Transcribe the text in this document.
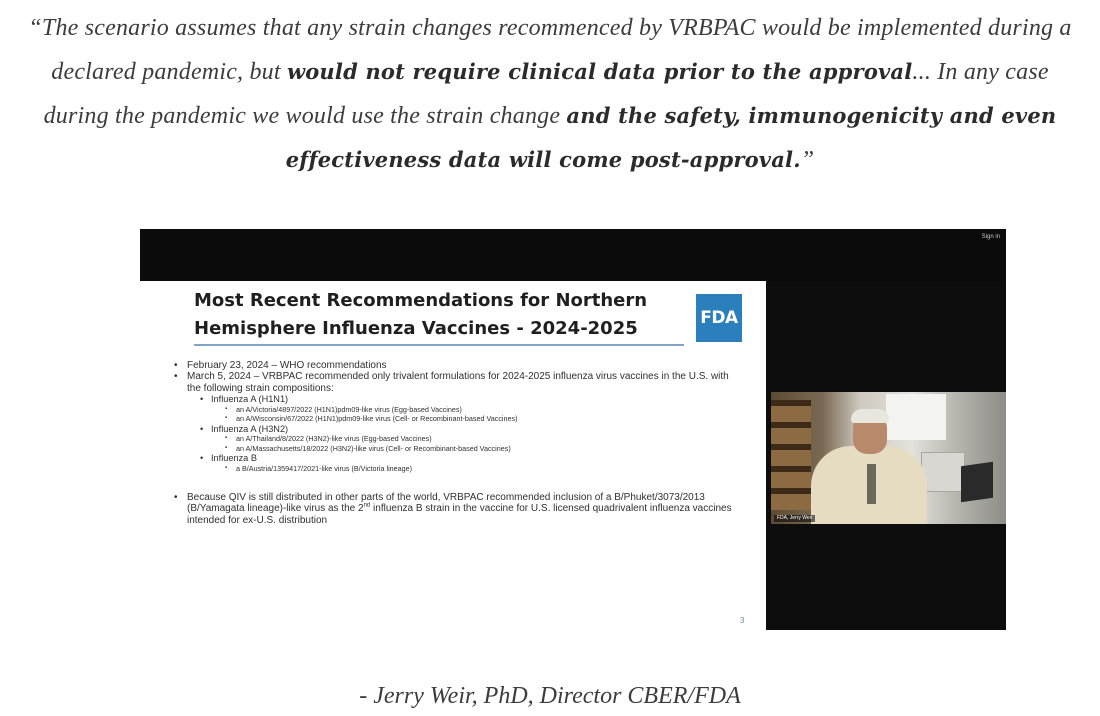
“The scenario assumes that any strain changes recommenced by VRBPAC would be implemented during a declared pandemic, but would not require clinical data prior to the approval... In any case during the pandemic we would use the strain change and the safety, immunogenicity and even effectiveness data will come post-approval.”
Sign in
Most Recent Recommendations for Northern
Hemisphere Influenza Vaccines - 2024-2025	FDA
• February 23, 2024 – WHO recommendations
• March 5, 2024 – VRBPAC recommended only trivalent formulations for 2024-2025 influenza virus vaccines in the U.S. with the following strain compositions:
• Influenza A (H1N1)
▪ an A/Victoria/4897/2022 (H1N1)pdm09-like virus (Egg-based Vaccines)
▪ an A/Wisconsin/67/2022 (H1N1)pdm09-like virus (Cell- or Recombinant-based Vaccines)
• Influenza A (H3N2)
▪ an A/Thailand/8/2022 (H3N2)-like virus (Egg-based Vaccines)
▪ an A/Massachusetts/18/2022 (H3N2)-like virus (Cell- or Recombinant-based Vaccines)
• Influenza B
▪ a B/Austria/1359417/2021-like virus (B/Victoria lineage)
• Because QIV is still distributed in other parts of the world, VRBPAC recommended inclusion of a B/Phuket/3073/2013 (B/Yamagata lineage)-like virus as the 2nd influenza B strain in the vaccine for U.S. licensed quadrivalent influenza vaccines intended for ex-U.S. distribution
3
FDA, Jerry Weir
- Jerry Weir, PhD, Director CBER/FDA
